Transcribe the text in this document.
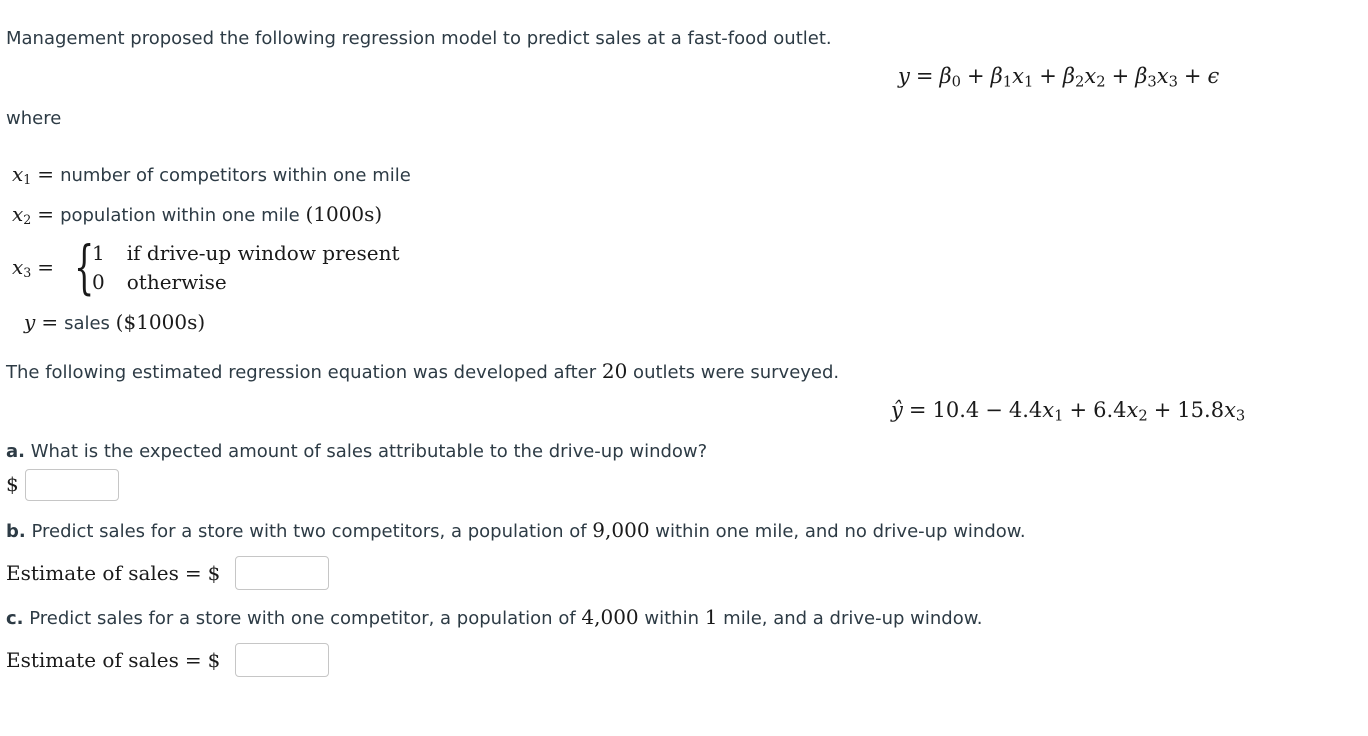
Management proposed the following regression model to predict sales at a fast-food outlet.
$y = \beta_0 + \beta_1x_1 + \beta_2x_2 + \beta_3x_3 + \epsilon$
where
$x_1$ = number of competitors within one mile
$x_2$ = population within one mile (1000s)
$x_3$ = {
1 if drive-up window present
0 otherwise
y = sales ($1000s)
The following estimated regression equation was developed after 20 outlets were surveyed.
ŷ = $10.4 - 4.4x_1 + 6.4x_2 + 15.8x_3$
a. What is the expected amount of sales attributable to the drive-up window?
$
b. Predict sales for a store with two competitors, a population of 9,000 within one mile, and no drive-up window.
Estimate of sales = $
c. Predict sales for a store with one competitor, a population of 4,000 within 1 mile, and a drive-up window.
Estimate of sales = $
